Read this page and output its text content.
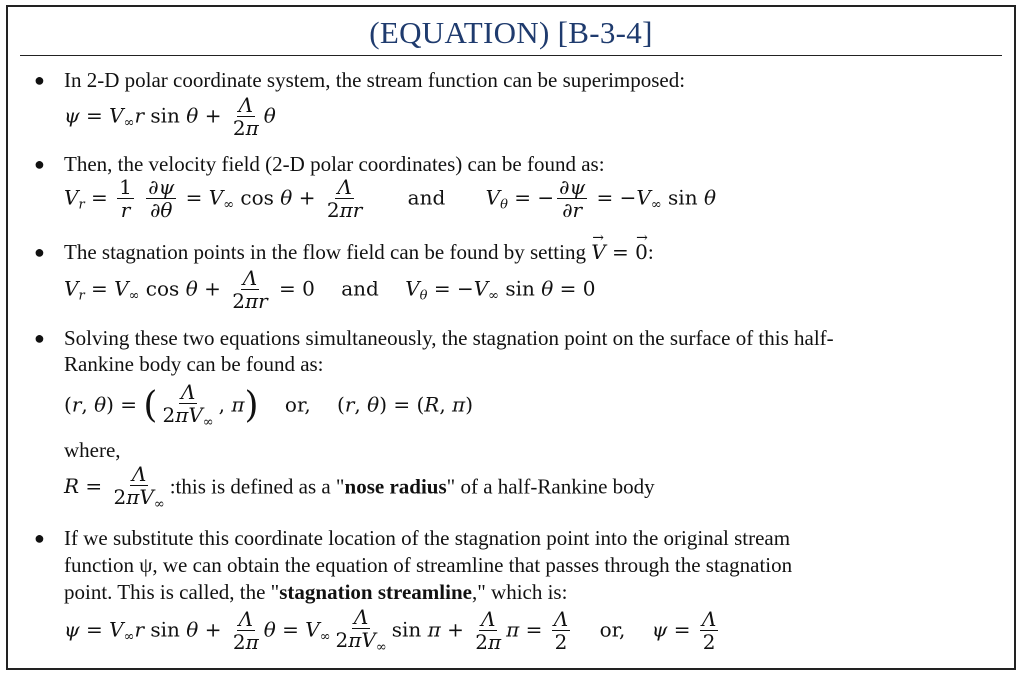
(EQUATION) [B-3-4]
● In 2-D polar coordinate system, the stream function can be superimposed:
$\psi = V_\infty r$ $\sin \theta + \frac{\Lambda}{2\pi}$ θ
● Then, the velocity field (2-D polar coordinates) can be found as:
$V_r = \frac{1}{r}$
$\frac{\partial\psi}{\partial\theta} = V_\infty$ $\cos \theta + \frac{\Lambda}{2\pi r}$ and $V_\theta$ = − $\frac{\partial\psi}{\partial r} = -V_\infty$ sin θ
● The stagnation points in the flow field can be found by setting → V = → 0:
$V_r = V_\infty$ $\cos \theta + \frac{\Lambda}{2\pi r} = 0$ and $V_\theta = -V_\infty$ sin θ = 0
● Solving these two equations simultaneously, the stagnation point on the surface of this half-
Rankine body can be found as:
(r, θ) = ( $\frac{\Lambda}{2\pi V_\infty}$ , π) or, (r, θ) = (R, π)
where,
$R = \frac{\Lambda}{2\pi V_\infty}$ :this is defined as a "nose radius" of a half-Rankine body
● If we substitute this coordinate location of the stagnation point into the original stream
function ψ, we can obtain the equation of streamline that passes through the stagnation
point. This is called, the "stagnation streamline," which is:
$\psi = V_\infty r$ $\sin \theta + \frac{\Lambda}{2\pi}$ $\theta = V_\infty \frac{\Lambda}{2\pi V_\infty}$ $\sin \pi + \frac{\Lambda}{2\pi}$ $\pi = \frac{\Lambda}{2}$ or, $\psi = \frac{\Lambda}{2}$
